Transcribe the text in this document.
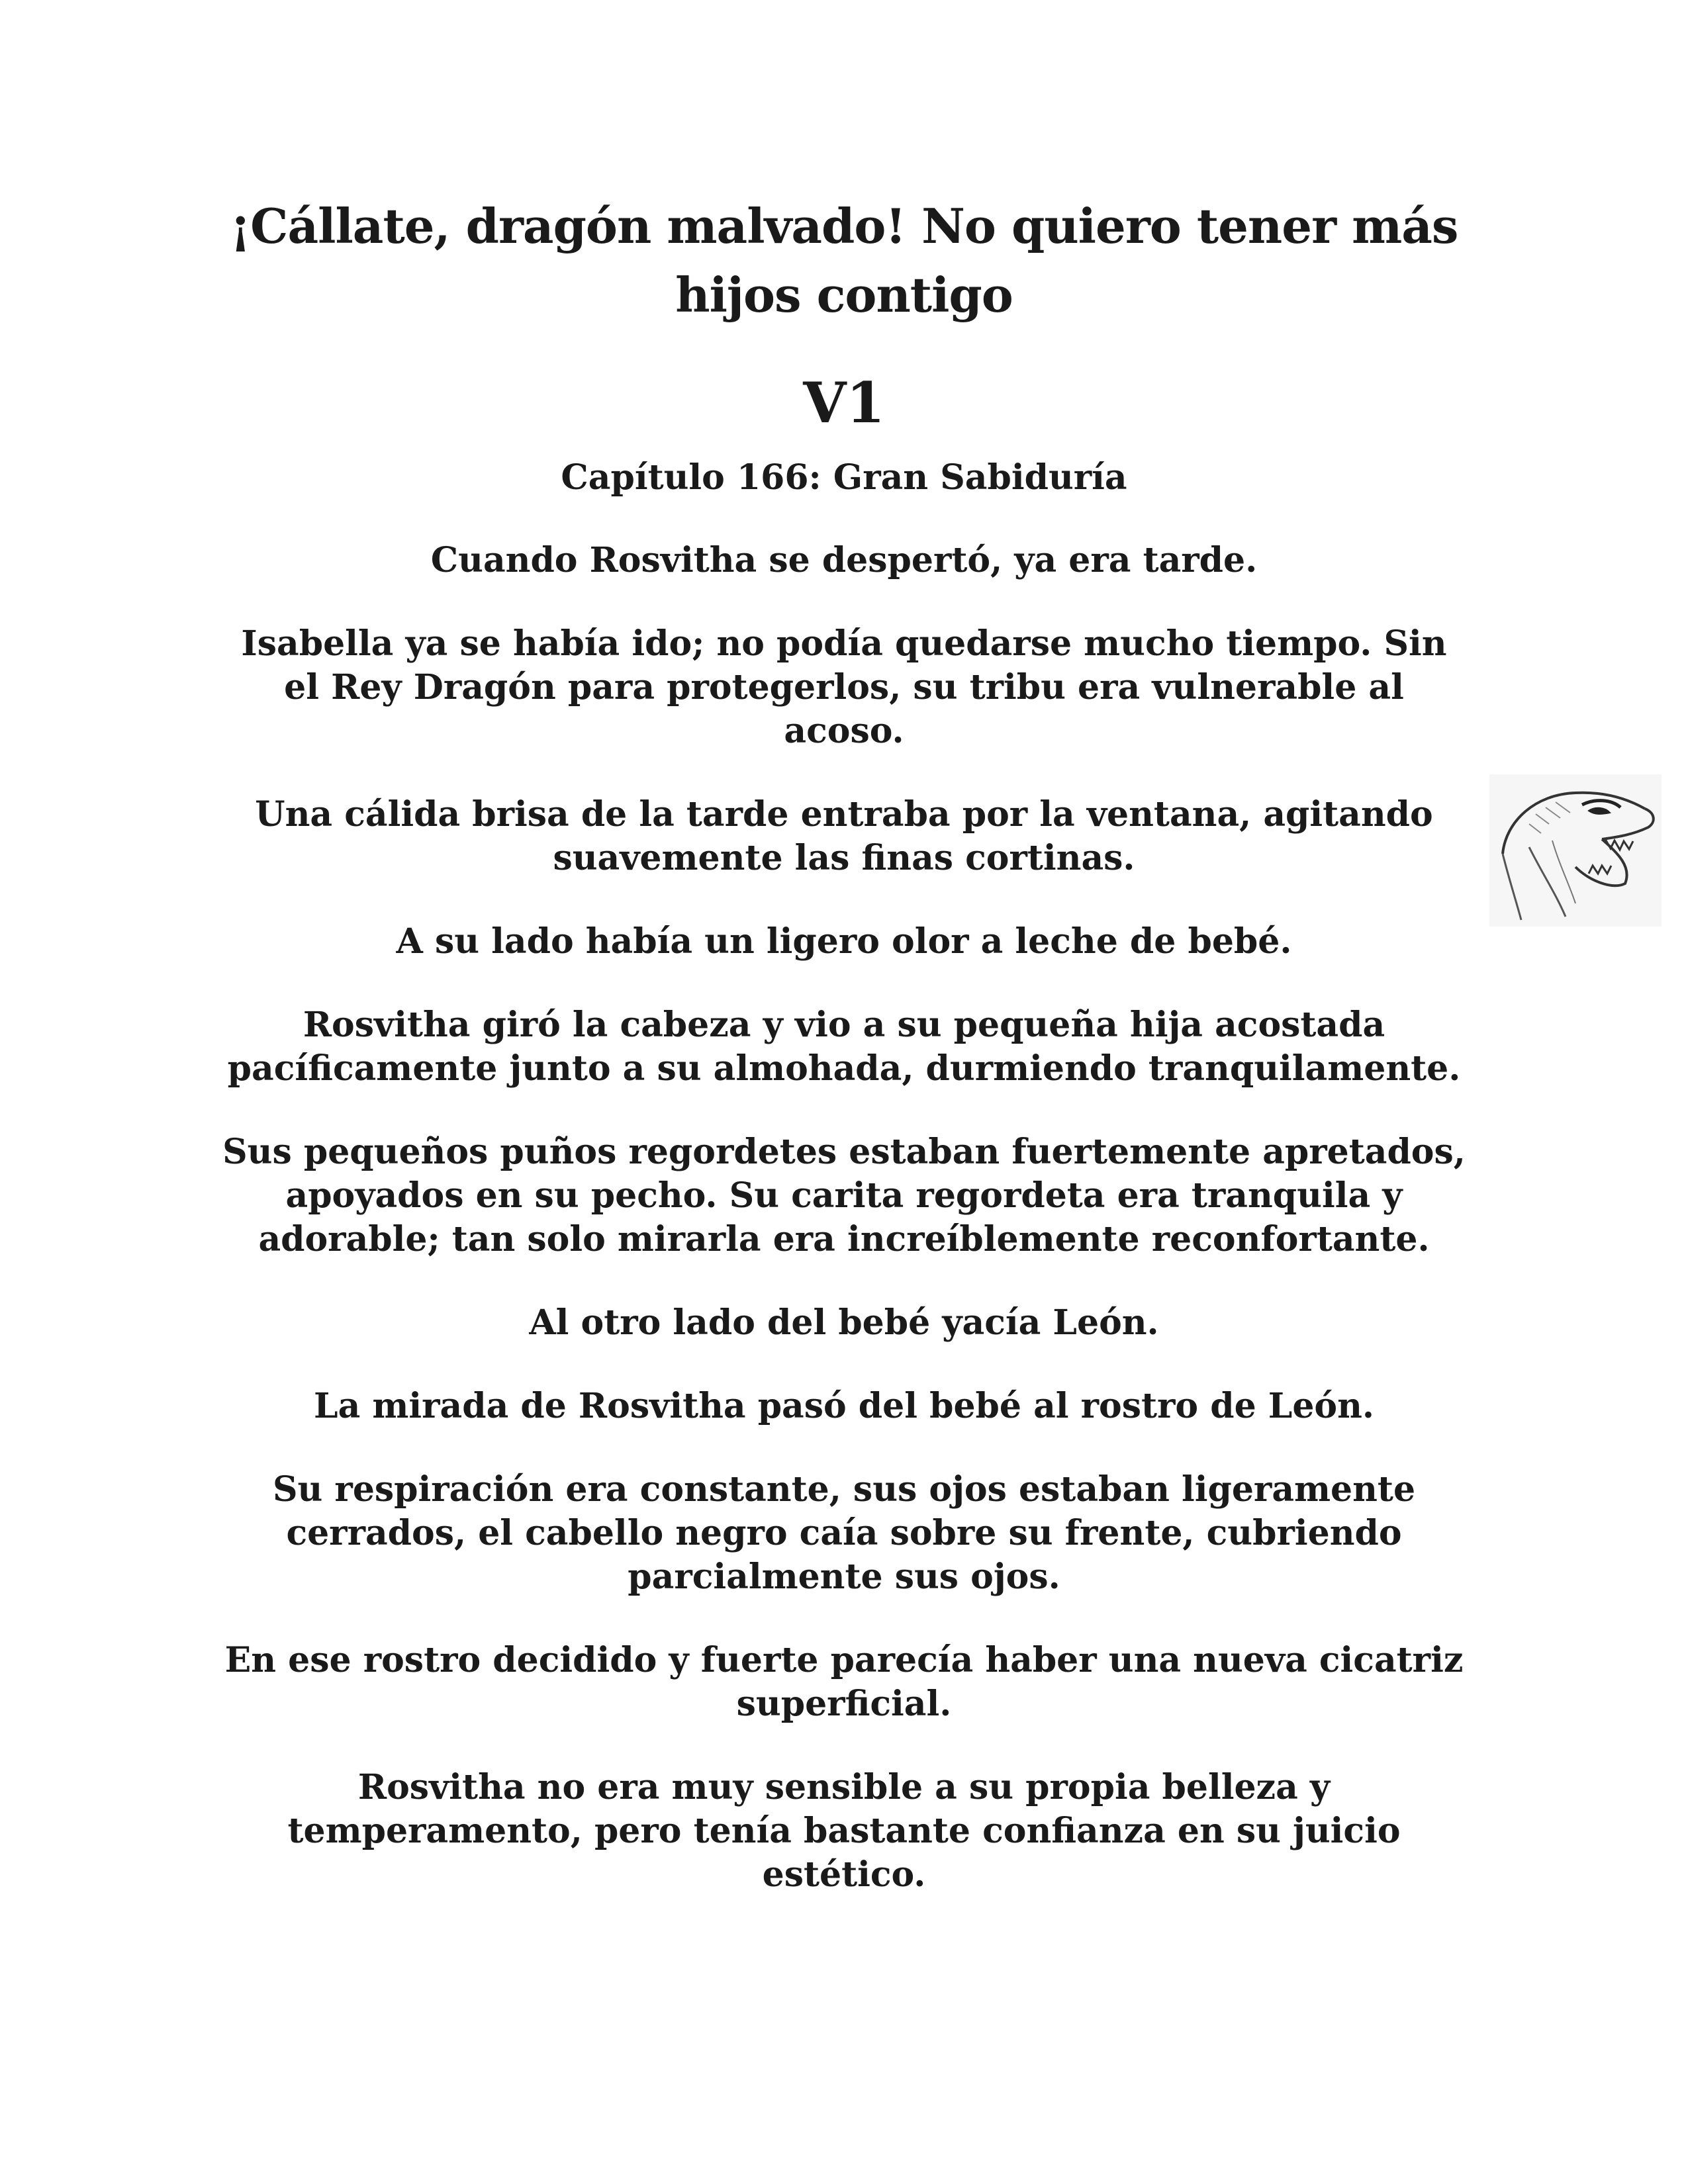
¡Cállate, dragón malvado! No quiero tener más hijos contigo
V1
Capítulo 166: Gran Sabiduría

Cuando Rosvitha se despertó, ya era tarde.

Isabella ya se había ido; no podía quedarse mucho tiempo. Sin el Rey Dragón para protegerlos, su tribu era vulnerable al acoso.

Una cálida brisa de la tarde entraba por la ventana, agitando suavemente las finas cortinas.

A su lado había un ligero olor a leche de bebé.

Rosvitha giró la cabeza y vio a su pequeña hija acostada pacíficamente junto a su almohada, durmiendo tranquilamente.

Sus pequeños puños regordetes estaban fuertemente apretados, apoyados en su pecho. Su carita regordeta era tranquila y adorable; tan solo mirarla era increíblemente reconfortante.

Al otro lado del bebé yacía León.

La mirada de Rosvitha pasó del bebé al rostro de León.

Su respiración era constante, sus ojos estaban ligeramente cerrados, el cabello negro caía sobre su frente, cubriendo parcialmente sus ojos.

En ese rostro decidido y fuerte parecía haber una nueva cicatriz superficial.

Rosvitha no era muy sensible a su propia belleza y temperamento, pero tenía bastante confianza en su juicio estético.
